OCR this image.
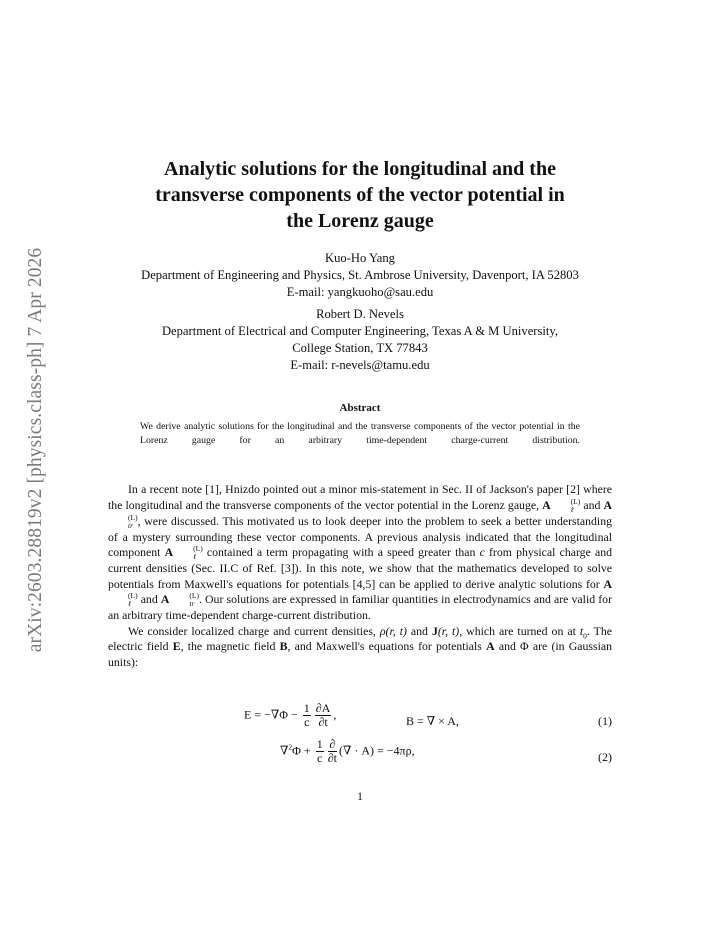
arXiv:2603.28819v2 [physics.class-ph] 7 Apr 2026
Analytic solutions for the longitudinal and the
transverse components of the vector potential in
the Lorenz gauge
Kuo-Ho Yang
Department of Engineering and Physics, St. Ambrose University, Davenport, IA 52803
E-mail: yangkuoho@sau.edu
Robert D. Nevels
Department of Electrical and Computer Engineering, Texas A & M University,
College Station, TX 77843
E-mail: r-nevels@tamu.edu
Abstract
We derive analytic solutions for the longitudinal and the transverse components of the vector potential in the Lorenz gauge for an arbitrary time-dependent charge-current distribution.

In a recent note [1], Hnizdo pointed out a minor mis-statement in Sec. II of Jackson's paper [2] where the longitudinal and the transverse components of the vector potential in the Lorenz gauge, A	(L)
ℓ and A
(L)
tr , were discussed. This motivated us to look deeper into the problem to seek a better understanding of a mystery surrounding these vector components. A previous analysis indicated that the longitudinal component A	(L)
ℓ contained a term propagating with a speed greater than c from physical charge and current densities (Sec. II.C of Ref. [3]). In this note, we show that the mathematics developed to solve potentials from Maxwell's equations for potentials [4,5] can be applied to derive analytic solutions for A
(L)
ℓ and A	(L)
tr . Our solutions are expressed in familiar quantities in electrodynamics and are valid for an arbitrary time-dependent charge-current distribution.

We consider localized charge and current densities, ρ(r, t) and J(r, t), which are turned on at $t_0$. The electric field E, the magnetic field B, and Maxwell's equations for potentials A and Φ are (in Gaussian units):

$E = -\nabla\Phi - \frac{1}{c} \frac{\partial A}{\partial t}$ ,	B = ∇ × A,	(1)
$\nabla^2\Phi + \frac{1}{c} \frac{\partial}{\partial t}$ (∇ · A) = −4πρ,	(2)
1
